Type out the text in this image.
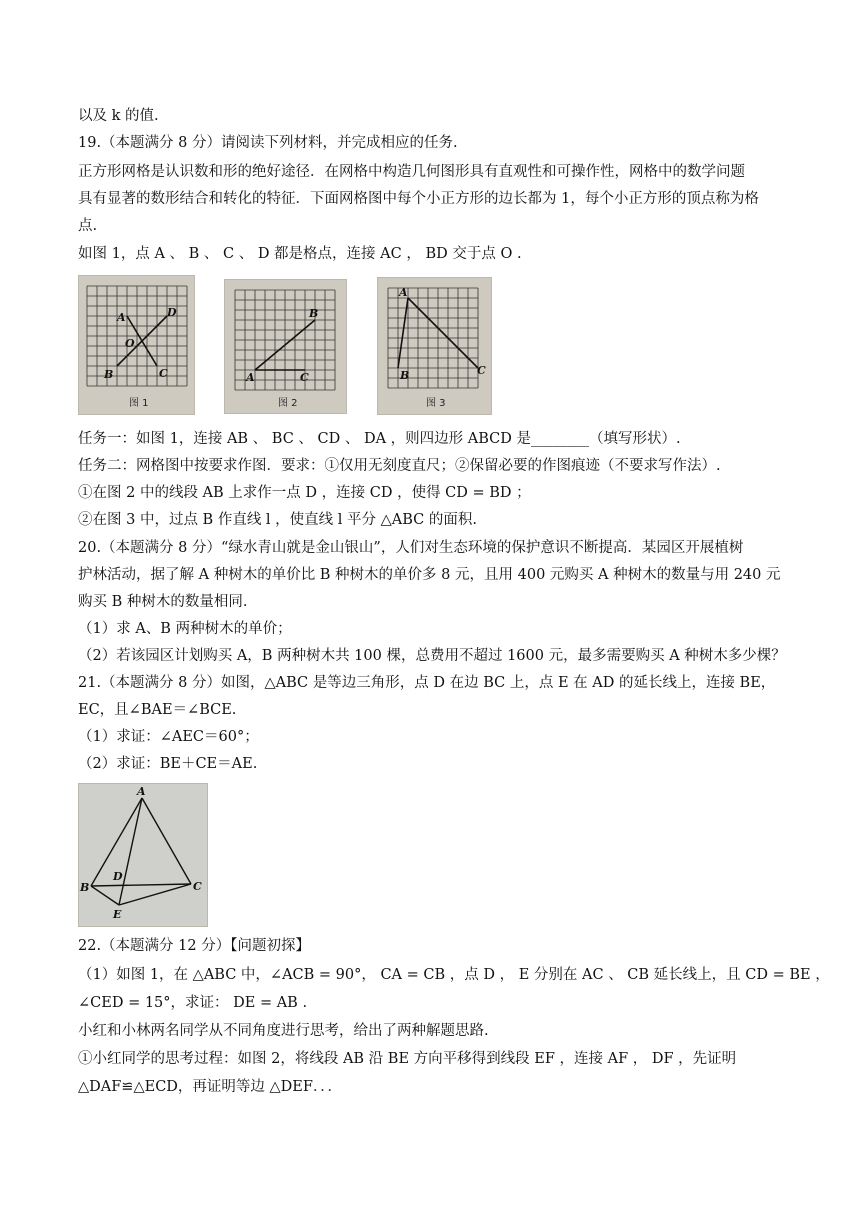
以及 k 的值.
19.（本题满分 8 分）请阅读下列材料，并完成相应的任务.
正方形网格是认识数和形的绝好途径．在网格中构造几何图形具有直观性和可操作性，网格中的数学问题
具有显著的数形结合和转化的特征．下面网格图中每个小正方形的边长都为 1，每个小正方形的顶点称为格
点.
如图 1，点 A 、 B 、 C 、 D 都是格点，连接 AC ， BD 交于点 O .
A
B	C
D
O
图 1
A
B
C
图 2
A
B	C
图 3
任务一：如图 1，连接 AB 、 BC 、 CD 、 DA ，则四边形 ABCD 是________（填写形状）.
任务二：网格图中按要求作图．要求：①仅用无刻度直尺；②保留必要的作图痕迹（不要求写作法）.
①在图 2 中的线段 AB 上求作一点 D ，连接 CD ，使得 CD = BD ；
②在图 3 中，过点 B 作直线 l ，使直线 l 平分 △ABC 的面积.
20.（本题满分 8 分）“绿水青山就是金山银山”，人们对生态环境的保护意识不断提高．某园区开展植树
护林活动，据了解 A 种树木的单价比 B 种树木的单价多 8 元，且用 400 元购买 A 种树木的数量与用 240 元
购买 B 种树木的数量相同.
（1）求 A、B 两种树木的单价；
（2）若该园区计划购买 A，B 两种树木共 100 棵，总费用不超过 1600 元，最多需要购买 A 种树木多少棵？
21.（本题满分 8 分）如图，△ABC 是等边三角形，点 D 在边 BC 上，点 E 在 AD 的延长线上，连接 BE，
EC，且∠BAE＝∠BCE.
（1）求证：∠AEC＝60°；
（2）求证：BE＋CE＝AE.
A
B	C
D
E
22.（本题满分 12 分）【问题初探】
（1）如图 1，在 △ABC 中，∠ACB = 90°， CA = CB ，点 D ， E 分别在 AC 、 CB 延长线上，且 CD = BE ，
∠CED = 15°，求证： DE = AB .
小红和小林两名同学从不同角度进行思考，给出了两种解题思路.
①小红同学的思考过程：如图 2，将线段 AB 沿 BE 方向平移得到线段 EF ，连接 AF ， DF ，先证明
△DAF≌△ECD，再证明等边 △DEF．．．
